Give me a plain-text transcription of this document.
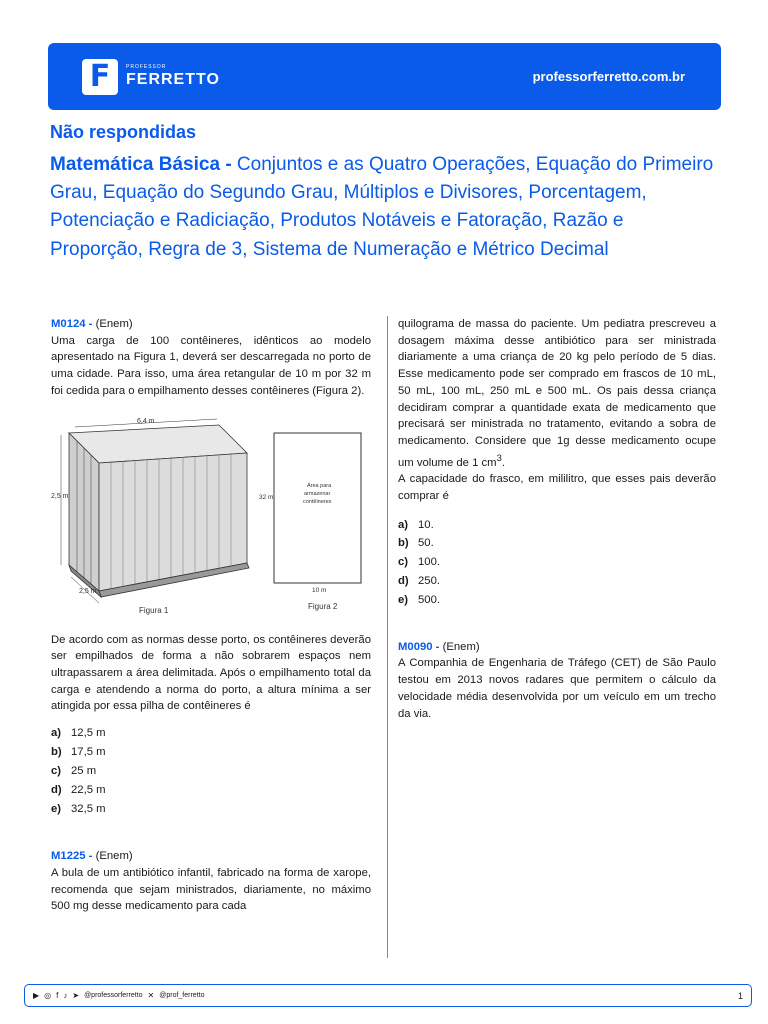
F	PROFESSOR
FERRETTO	professorferretto.com.br
Não respondidas
Matemática Básica - Conjuntos e as Quatro Operações, Equação do Primeiro Grau, Equação do Segundo Grau, Múltiplos e Divisores, Porcentagem, Potenciação e Radiciação, Produtos Notáveis e Fatoração, Razão e Proporção, Regra de 3, Sistema de Numeração e Métrico Decimal
M0124 - (Enem)

Uma carga de 100 contêineres, idênticos ao modelo apresentado na Figura 1, deverá ser descarregada no porto de uma cidade. Para isso, uma área retangular de 10 m por 32 m foi cedida para o empilhamento desses contêineres (Figura 2).

6,4 m
2,5 m
2,5 m
Figura 1
32 m
Área para
armazenar
contêineres
10 m
Figura 2

De acordo com as normas desse porto, os contêineres deverão ser empilhados de forma a não sobrarem espaços nem ultrapassarem a área delimitada. Após o empilhamento total da carga e atendendo a norma do porto, a altura mínima a ser atingida por essa pilha de contêineres é

a) 12,5 m
b) 17,5 m
c) 25 m
d) 22,5 m
e) 32,5 m
M1225 - (Enem)

A bula de um antibiótico infantil, fabricado na forma de xarope, recomenda que sejam ministrados, diariamente, no máximo 500 mg desse medicamento para cada

quilograma de massa do paciente. Um pediatra prescreveu a dosagem máxima desse antibiótico para ser ministrada diariamente a uma criança de 20 kg pelo período de 5 dias. Esse medicamento pode ser comprado em frascos de 10 mL, 50 mL, 100 mL, 250 mL e 500 mL. Os pais dessa criança decidiram comprar a quantidade exata de medicamento que precisará ser ministrada no tratamento, evitando a sobra de medicamento. Considere que 1g desse medicamento ocupe um volume de 1 $cm^3$.

A capacidade do frasco, em mililitro, que esses pais deverão comprar é

a) 10.
b) 50.
c) 100.
d) 250.
e) 500.
M0090 - (Enem)

A Companhia de Engenharia de Tráfego (CET) de São Paulo testou em 2013 novos radares que permitem o cálculo da velocidade média desenvolvida por um veículo em um trecho da via.

▶ ◎ f ♪ ➤ @professorferretto ✕ @prof_ferretto	1
